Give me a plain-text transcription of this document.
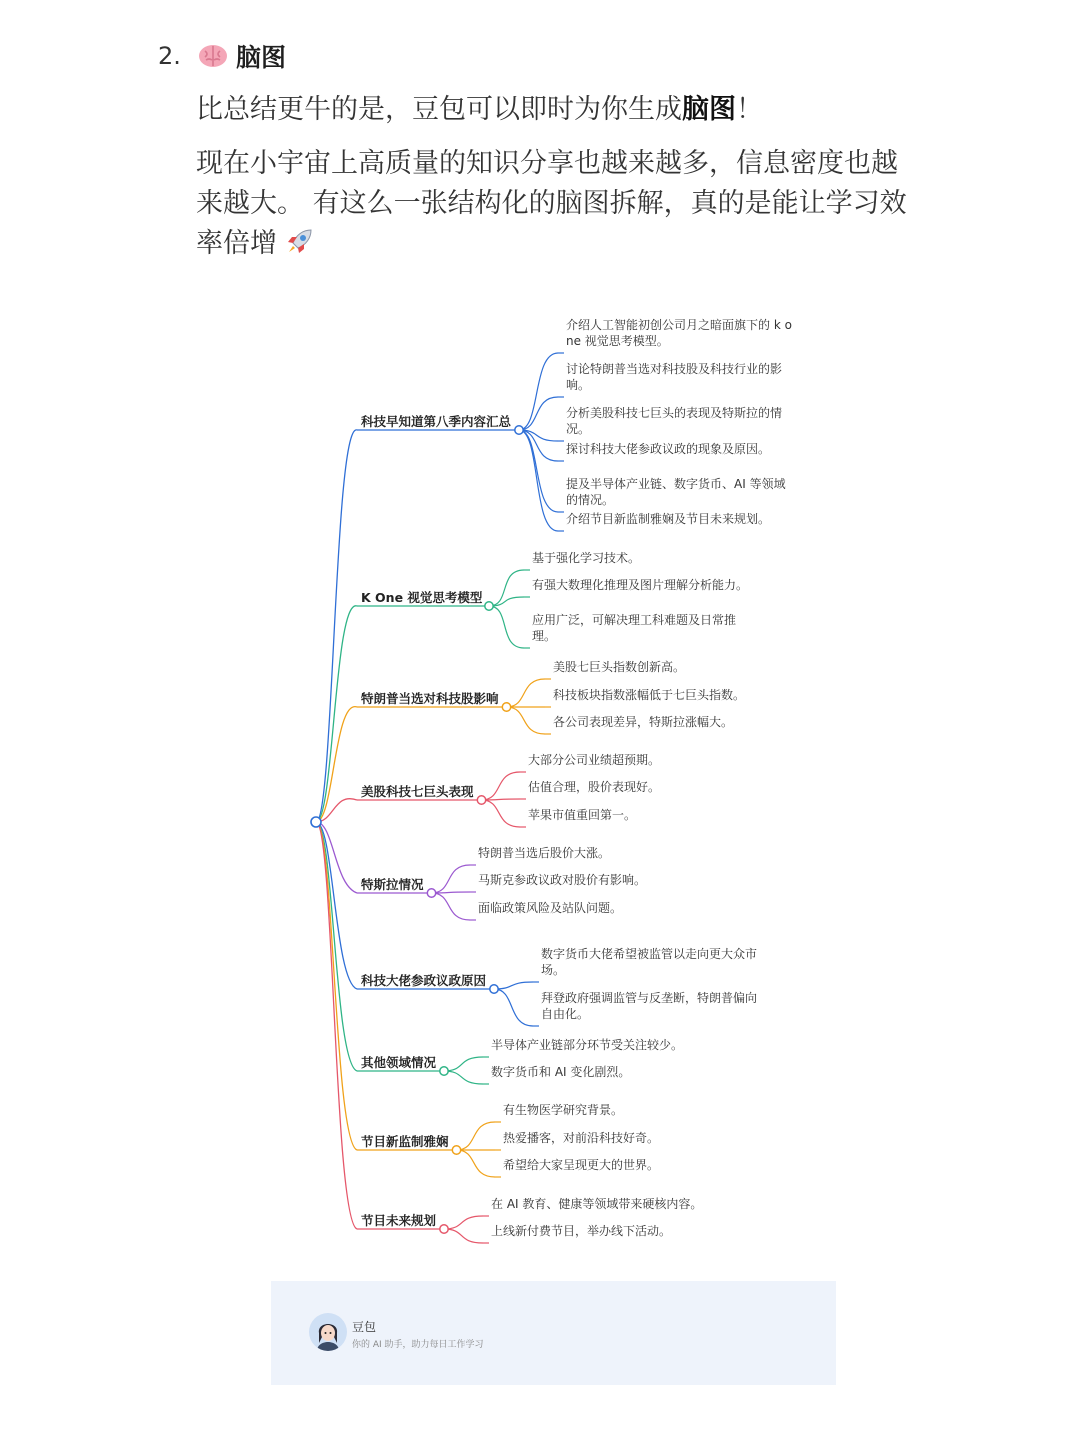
2.	脑图
比总结更牛的是，豆包可以即时为你生成脑图！
现在小宇宙上高质量的知识分享也越来越多，信息密度也越来越大。 有这么一张结构化的脑图拆解，真的是能让学习效率倍增
科技早知道第八季内容汇总
介绍人工智能初创公司月之暗面旗下的 k o ne 视觉思考模型。
讨论特朗普当选对科技股及科技行业的影响。
分析美股科技七巨头的表现及特斯拉的情况。
探讨科技大佬参政议政的现象及原因。
提及半导体产业链、数字货币、AI 等领域的情况。
介绍节目新监制雅娴及节目未来规划。
K One 视觉思考模型
基于强化学习技术。
有强大数理化推理及图片理解分析能力。
应用广泛，可解决理工科难题及日常推理。
特朗普当选对科技股影响
美股七巨头指数创新高。
科技板块指数涨幅低于七巨头指数。
各公司表现差异，特斯拉涨幅大。
美股科技七巨头表现
大部分公司业绩超预期。
估值合理，股价表现好。
苹果市值重回第一。
特斯拉情况
特朗普当选后股价大涨。
马斯克参政议政对股价有影响。
面临政策风险及站队问题。
科技大佬参政议政原因
数字货币大佬希望被监管以走向更大众市场。
拜登政府强调监管与反垄断，特朗普偏向自由化。
其他领域情况
半导体产业链部分环节受关注较少。
数字货币和 AI 变化剧烈。
节目新监制雅娴
有生物医学研究背景。
热爱播客，对前沿科技好奇。
希望给大家呈现更大的世界。
节目未来规划
在 AI 教育、健康等领域带来硬核内容。
上线新付费节目，举办线下活动。
豆包
你的 AI 助手，助力每日工作学习
